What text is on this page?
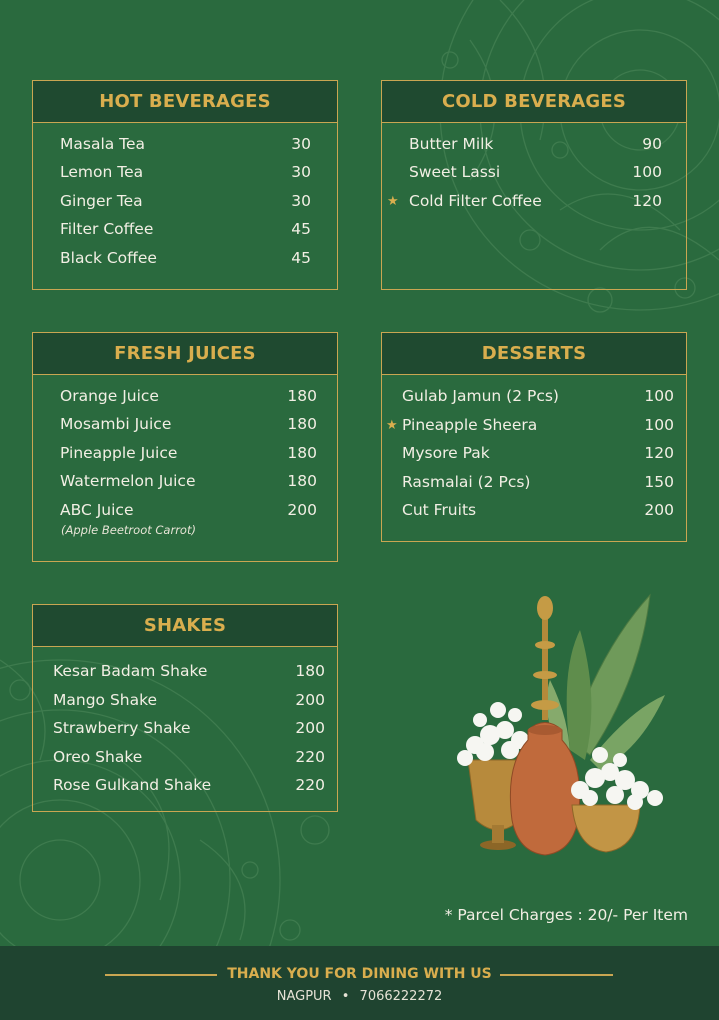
HOT BEVERAGES
Masala Tea	30
Lemon Tea	30
Ginger Tea	30
Filter Coffee	45
Black Coffee	45
COLD BEVERAGES
Butter Milk	90
Sweet Lassi	100
★ Cold Filter Coffee	120
FRESH JUICES
Orange Juice	180
Mosambi Juice	180
Pineapple Juice	180
Watermelon Juice	180
ABC Juice	200
(Apple Beetroot Carrot)
DESSERTS
Gulab Jamun (2 Pcs)	100
★ Pineapple Sheera	100
Mysore Pak	120
Rasmalai (2 Pcs)	150
Cut Fruits	200
SHAKES
Kesar Badam Shake	180
Mango Shake	200
Strawberry Shake	200
Oreo Shake	220
Rose Gulkand Shake	220
* Parcel Charges : 20/- Per Item
THANK YOU FOR DINING WITH US
NAGPUR • 7066222272
